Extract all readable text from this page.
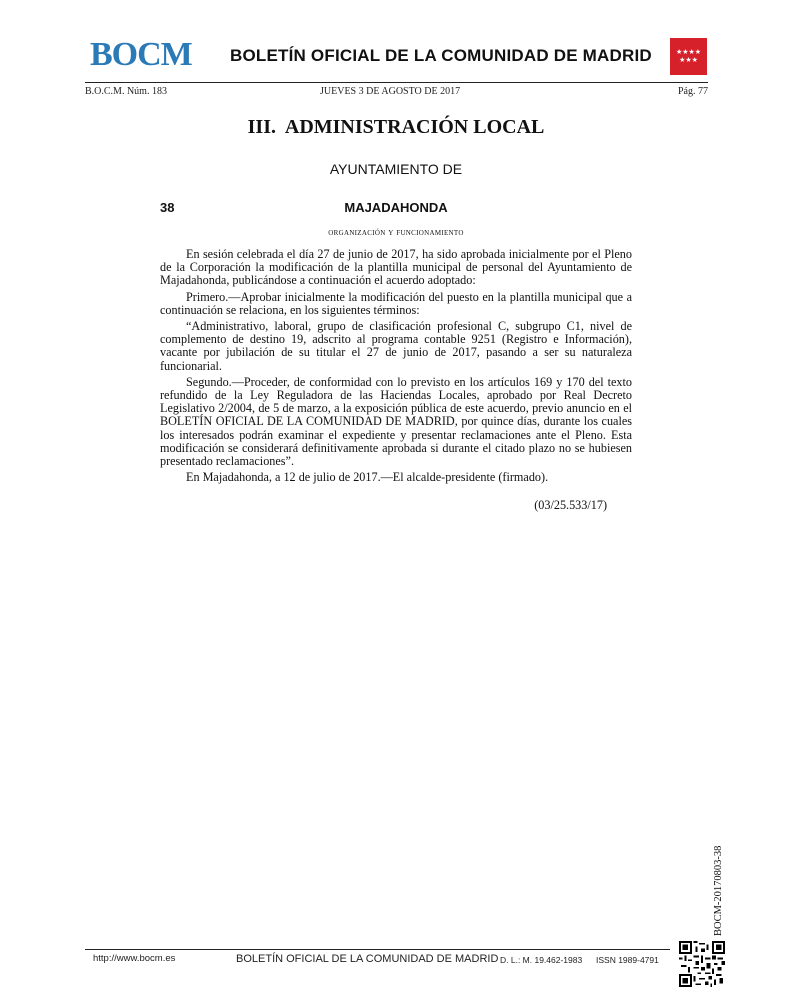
BOCM BOLETÍN OFICIAL DE LA COMUNIDAD DE MADRID	★★★★
★★★
B.O.C.M. Núm. 183	JUEVES 3 DE AGOSTO DE 2017	Pág. 77
III.  ADMINISTRACIÓN LOCAL
AYUNTAMIENTO DE
38	MAJADAHONDA
organización y funcionamiento

En sesión celebrada el día 27 de junio de 2017, ha sido aprobada inicialmente por el Pleno de la Corporación la modificación de la plantilla municipal de personal del Ayuntamiento de Majadahonda, publicándose a continuación el acuerdo adoptado:

Primero.—Aprobar inicialmente la modificación del puesto en la plantilla municipal que a continuación se relaciona, en los siguientes términos:

“Administrativo, laboral, grupo de clasificación profesional C, subgrupo C1, nivel de complemento de destino 19, adscrito al programa contable 9251 (Registro e Información), vacante por jubilación de su titular el 27 de junio de 2017, pasando a ser su naturaleza funcionarial.

Segundo.—Proceder, de conformidad con lo previsto en los artículos 169 y 170 del texto refundido de la Ley Reguladora de las Haciendas Locales, aprobado por Real Decreto Legislativo 2/2004, de 5 de marzo, a la exposición pública de este acuerdo, previo anuncio en el BOLETÍN OFICIAL DE LA COMUNIDAD DE MADRID, por quince días, durante los cuales los interesados podrán examinar el expediente y presentar reclamaciones ante el Pleno. Esta modificación se considerará definitivamente aprobada si durante el citado plazo no se hubiesen presentado reclamaciones”.

En Majadahonda, a 12 de julio de 2017.—El alcalde-presidente (firmado).

(03/25.533/17)
BOCM-20170803-38
http://www.bocm.es	BOLETÍN OFICIAL DE LA COMUNIDAD DE MADRID D. L.: M. 19.462-1983 ISSN 1989-4791
